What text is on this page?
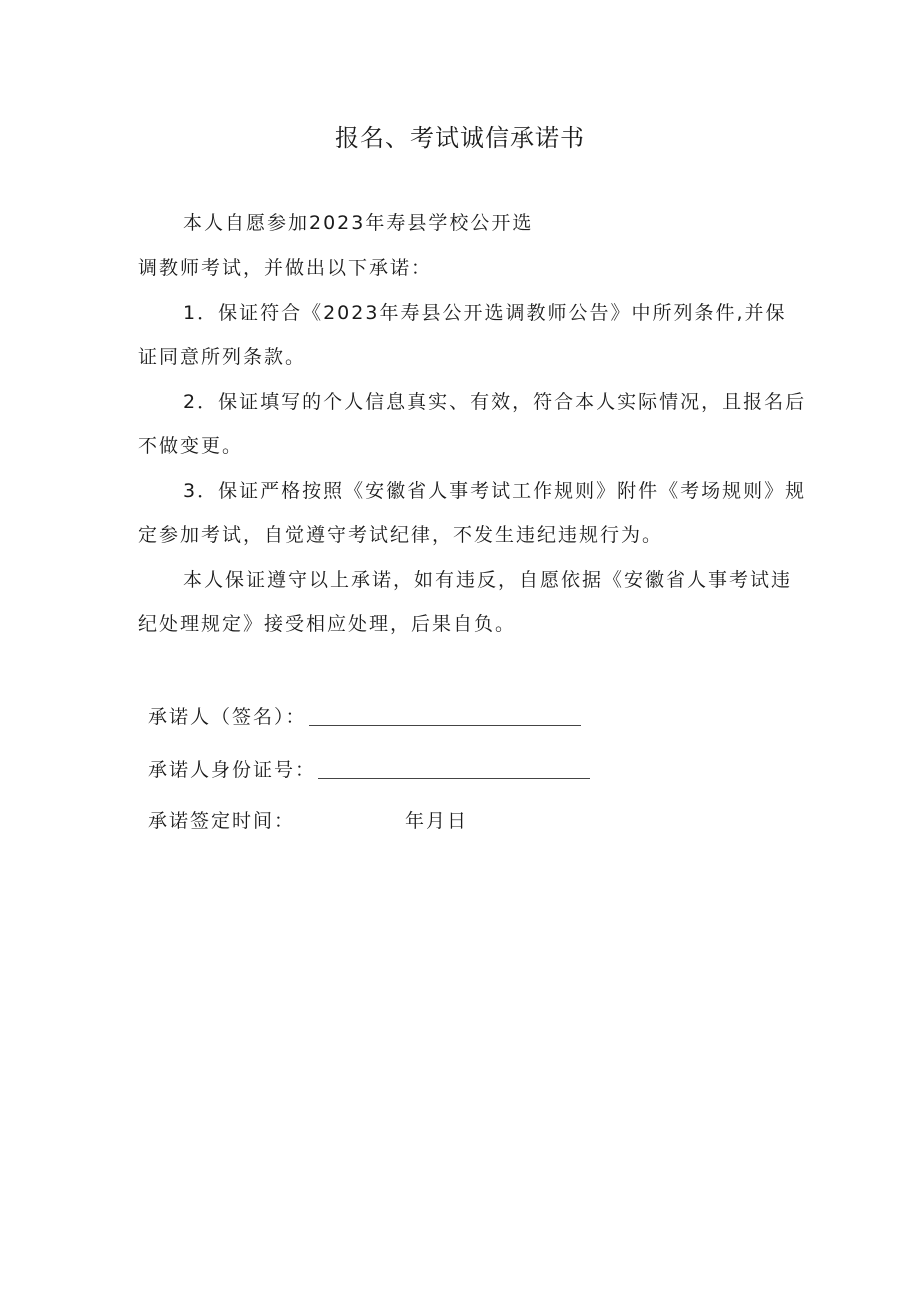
报名、考试诚信承诺书
本人自愿参加2023年寿县学校公开选
调教师考试，并做出以下承诺：
1．保证符合《2023年寿县公开选调教师公告》中所列条件,并保
证同意所列条款。
2．保证填写的个人信息真实、有效，符合本人实际情况，且报名后
不做变更。
3．保证严格按照《安徽省人事考试工作规则》附件《考场规则》规
定参加考试，自觉遵守考试纪律，不发生违纪违规行为。
本人保证遵守以上承诺，如有违反，自愿依据《安徽省人事考试违
纪处理规定》接受相应处理，后果自负。
承诺人（签名）：
承诺人身份证号：
承诺签定时间：	年月日
